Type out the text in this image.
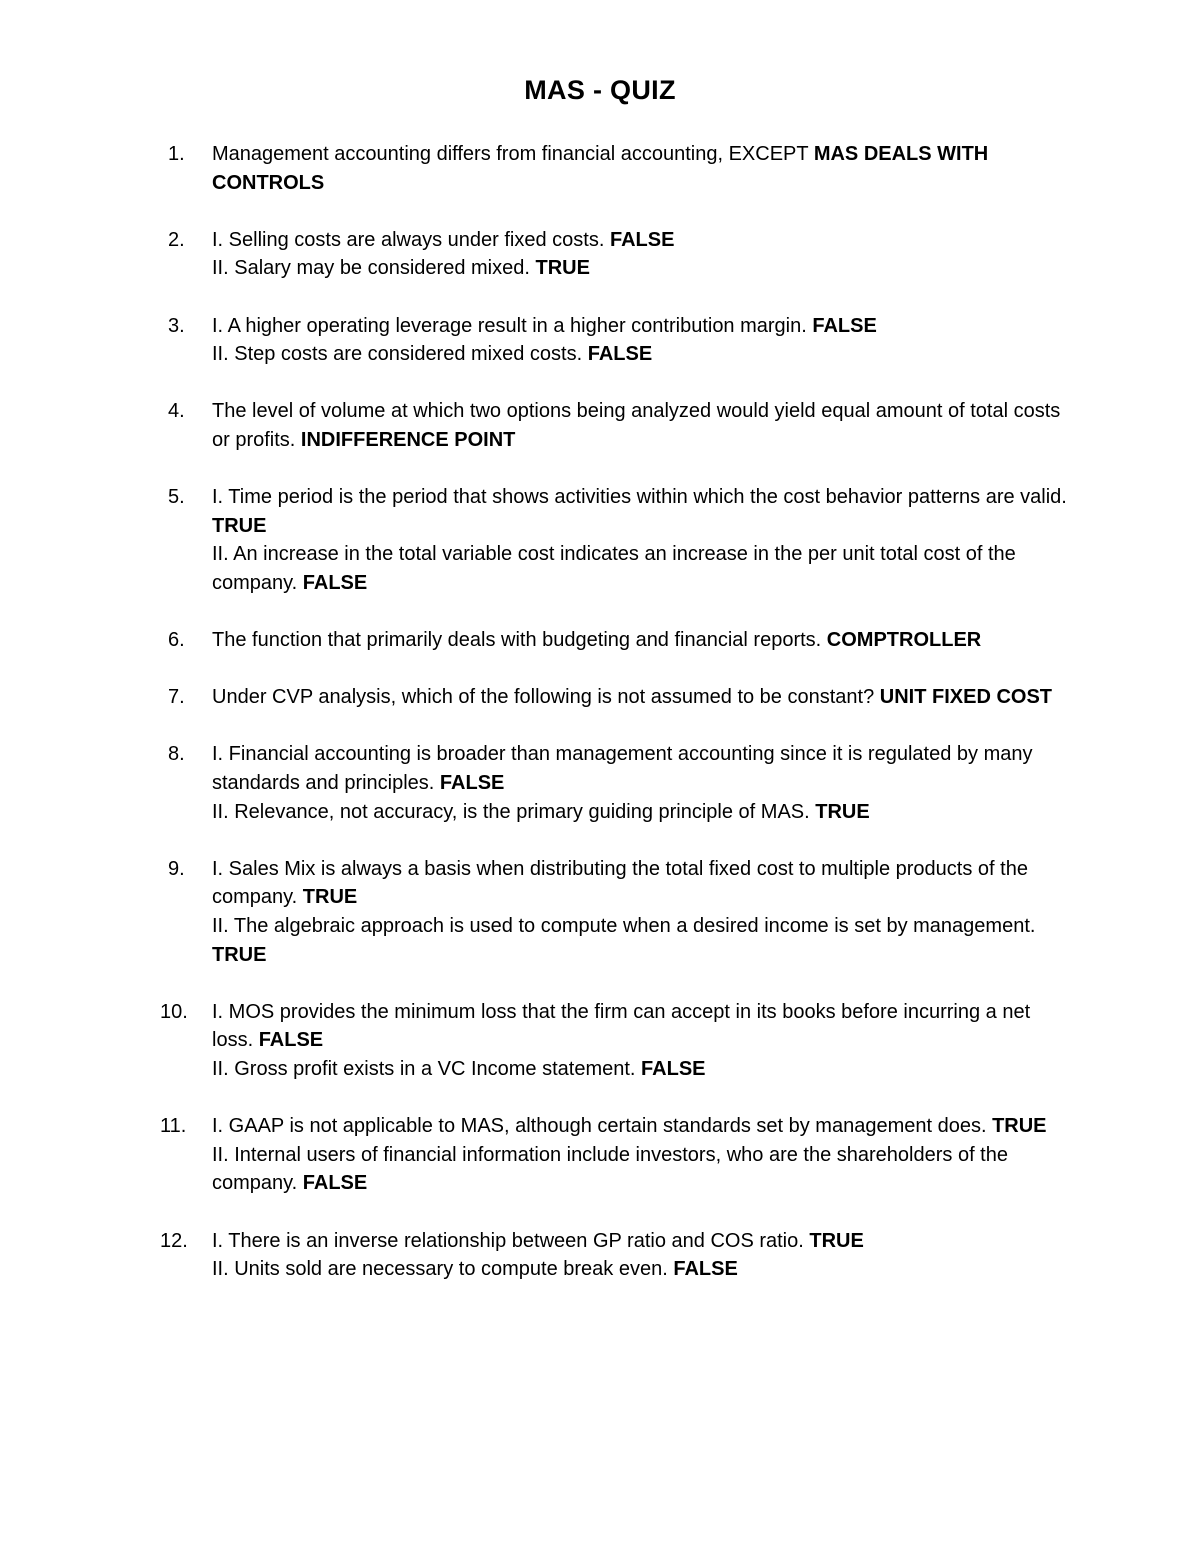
MAS - QUIZ
1.	Management accounting differs from financial accounting, EXCEPT MAS DEALS WITH CONTROLS
2.	I. Selling costs are always under fixed costs. FALSE
II. Salary may be considered mixed. TRUE
3.	I. A higher operating leverage result in a higher contribution margin. FALSE
II. Step costs are considered mixed costs. FALSE
4.	The level of volume at which two options being analyzed would yield equal amount of total costs or profits. INDIFFERENCE POINT
5.	I. Time period is the period that shows activities within which the cost behavior patterns are valid. TRUE
II. An increase in the total variable cost indicates an increase in the per unit total cost of the company. FALSE
6.	The function that primarily deals with budgeting and financial reports. COMPTROLLER
7.	Under CVP analysis, which of the following is not assumed to be constant? UNIT FIXED COST
8.	I. Financial accounting is broader than management accounting since it is regulated by many standards and principles. FALSE
II. Relevance, not accuracy, is the primary guiding principle of MAS. TRUE
9.	I. Sales Mix is always a basis when distributing the total fixed cost to multiple products of the company. TRUE
II. The algebraic approach is used to compute when a desired income is set by management. TRUE
10.	I. MOS provides the minimum loss that the firm can accept in its books before incurring a net loss. FALSE
II. Gross profit exists in a VC Income statement. FALSE
11.	I. GAAP is not applicable to MAS, although certain standards set by management does. TRUE
II. Internal users of financial information include investors, who are the shareholders of the company. FALSE
12.	I. There is an inverse relationship between GP ratio and COS ratio. TRUE
II. Units sold are necessary to compute break even. FALSE
